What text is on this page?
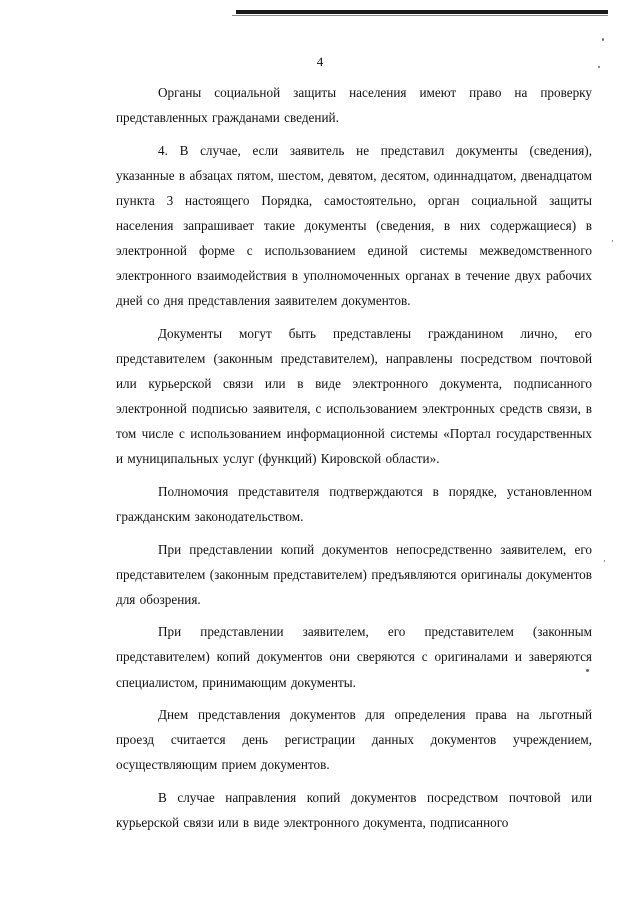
4

Органы социальной защиты населения имеют право на проверку представленных гражданами сведений.

4. В случае, если заявитель не представил документы (сведения), указанные в абзацах пятом, шестом, девятом, десятом, одиннадцатом, двенадцатом пункта 3 настоящего Порядка, самостоятельно, орган социальной защиты населения запрашивает такие документы (сведения, в них содержащиеся) в электронной форме с использованием единой системы межведомственного электронного взаимодействия в уполномоченных органах в течение двух рабочих дней со дня представления заявителем документов.

Документы могут быть представлены гражданином лично, его представителем (законным представителем), направлены посредством почтовой или курьерской связи или в виде электронного документа, подписанного электронной подписью заявителя, с использованием электронных средств связи, в том числе с использованием информационной системы «Портал государственных и муниципальных услуг (функций) Кировской области».

Полномочия представителя подтверждаются в порядке, установленном гражданским законодательством.

При представлении копий документов непосредственно заявителем, его представителем (законным представителем) предъявляются оригиналы документов для обозрения.

При представлении заявителем, его представителем (законным представителем) копий документов они сверяются с оригиналами и заверяются специалистом, принимающим документы.

Днем представления документов для определения права на льготный проезд считается день регистрации данных документов учреждением, осуществляющим прием документов.

В случае направления копий документов посредством почтовой или курьерской связи или в виде электронного документа, подписанного
